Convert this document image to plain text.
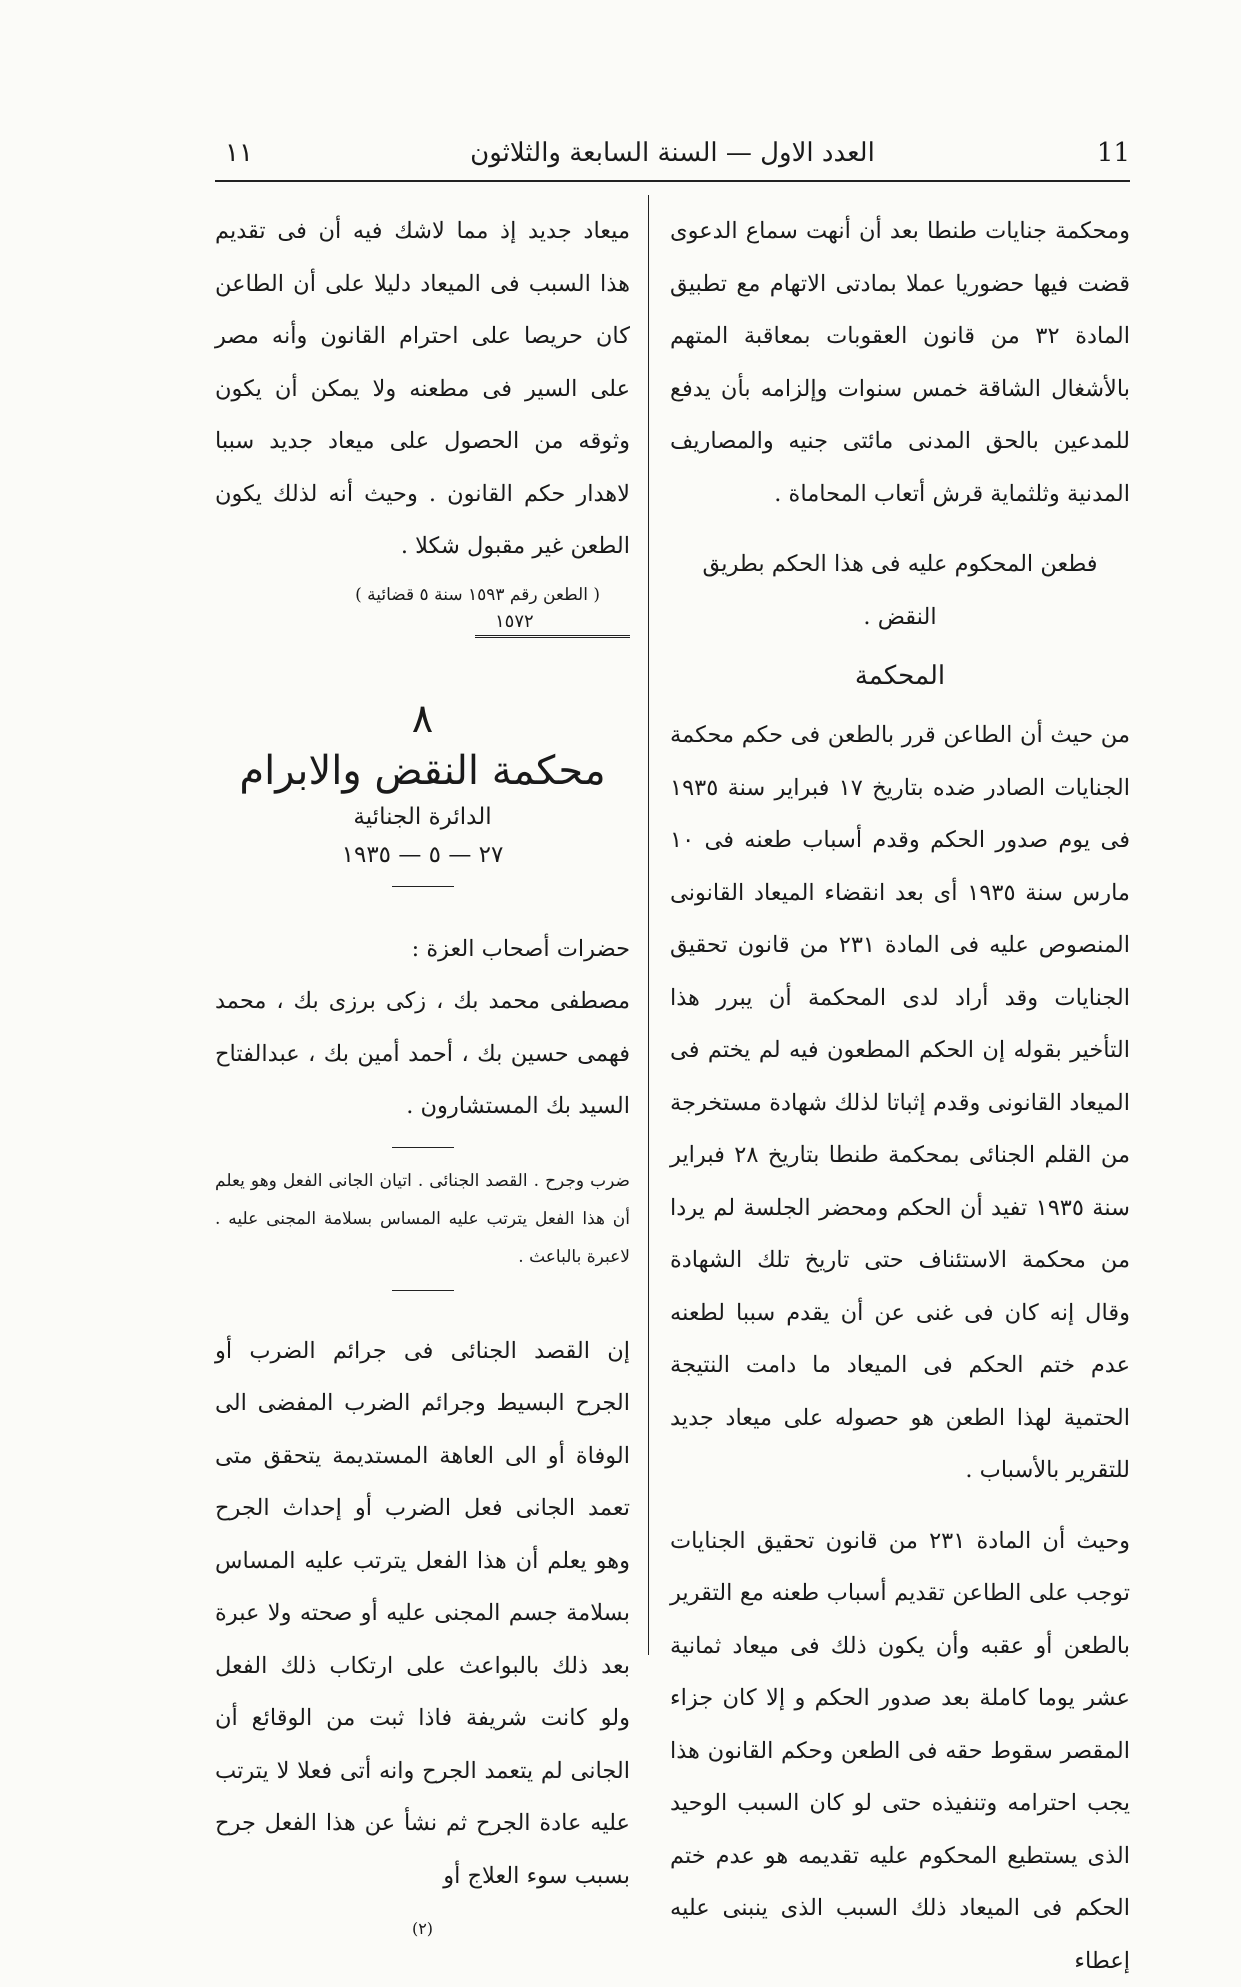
11
العدد الاول — السنة السابعة والثلاثون
١١

ومحكمة جنايات طنطا بعد أن أنهت سماع الدعوى قضت فيها حضوريا عملا بمادتى الاتهام مع تطبيق المادة ٣٢ من قانون العقوبات بمعاقبة المتهم بالأشغال الشاقة خمس سنوات وإلزامه بأن يدفع للمدعين بالحق المدنى مائتى جنيه والمصاريف المدنية وثلثماية قرش أتعاب المحاماة .

فطعن المحكوم عليه فى هذا الحكم بطريق النقض .

المحكمة

من حيث أن الطاعن قرر بالطعن فى حكم محكمة الجنايات الصادر ضده بتاريخ ١٧ فبراير سنة ١٩٣٥ فى يوم صدور الحكم وقدم أسباب طعنه فى ١٠ مارس سنة ١٩٣٥ أى بعد انقضاء الميعاد القانونى المنصوص عليه فى المادة ٢٣١ من قانون تحقيق الجنايات وقد أراد لدى المحكمة أن يبرر هذا التأخير بقوله إن الحكم المطعون فيه لم يختم فى الميعاد القانونى وقدم إثباتا لذلك شهادة مستخرجة من القلم الجنائى بمحكمة طنطا بتاريخ ٢٨ فبراير سنة ١٩٣٥ تفيد أن الحكم ومحضر الجلسة لم يردا من محكمة الاستئناف حتى تاريخ تلك الشهادة وقال إنه كان فى غنى عن أن يقدم سببا لطعنه عدم ختم الحكم فى الميعاد ما دامت النتيجة الحتمية لهذا الطعن هو حصوله على ميعاد جديد للتقرير بالأسباب .

وحيث أن المادة ٢٣١ من قانون تحقيق الجنايات توجب على الطاعن تقديم أسباب طعنه مع التقرير بالطعن أو عقبه وأن يكون ذلك فى ميعاد ثمانية عشر يوما كاملة بعد صدور الحكم و إلا كان جزاء المقصر سقوط حقه فى الطعن وحكم القانون هذا يجب احترامه وتنفيذه حتى لو كان السبب الوحيد الذى يستطيع المحكوم عليه تقديمه هو عدم ختم الحكم فى الميعاد ذلك السبب الذى ينبنى عليه إعطاء

ميعاد جديد إذ مما لاشك فيه أن فى تقديم هذا السبب فى الميعاد دليلا على أن الطاعن كان حريصا على احترام القانون وأنه مصر على السير فى مطعنه ولا يمكن أن يكون وثوقه من الحصول على ميعاد جديد سببا لاهدار حكم القانون . وحيث أنه لذلك يكون الطعن غير مقبول شكلا .

( الطعن رقم ١٥٩٣ سنة ٥ قضائية )

١٥٧٢

٨
محكمة النقض والابرام
الدائرة الجنائية
٢٧ — ٥ — ١٩٣٥

حضرات أصحاب العزة :

مصطفى محمد بك ، زكى برزى بك ، محمد فهمى حسين بك ، أحمد أمين بك ، عبدالفتاح السيد بك المستشارون .

ضرب وجرح . القصد الجنائى . اتيان الجانى الفعل وهو يعلم أن هذا الفعل يترتب عليه المساس بسلامة المجنى عليه . لاعبرة بالباعث .

إن القصد الجنائى فى جرائم الضرب أو الجرح البسيط وجرائم الضرب المفضى الى الوفاة أو الى العاهة المستديمة يتحقق متى تعمد الجانى فعل الضرب أو إحداث الجرح وهو يعلم أن هذا الفعل يترتب عليه المساس بسلامة جسم المجنى عليه أو صحته ولا عبرة بعد ذلك بالبواعث على ارتكاب ذلك الفعل ولو كانت شريفة فاذا ثبت من الوقائع أن الجانى لم يتعمد الجرح وانه أتى فعلا لا يترتب عليه عادة الجرح ثم نشأ عن هذا الفعل جرح بسبب سوء العلاج أو

(٢)
